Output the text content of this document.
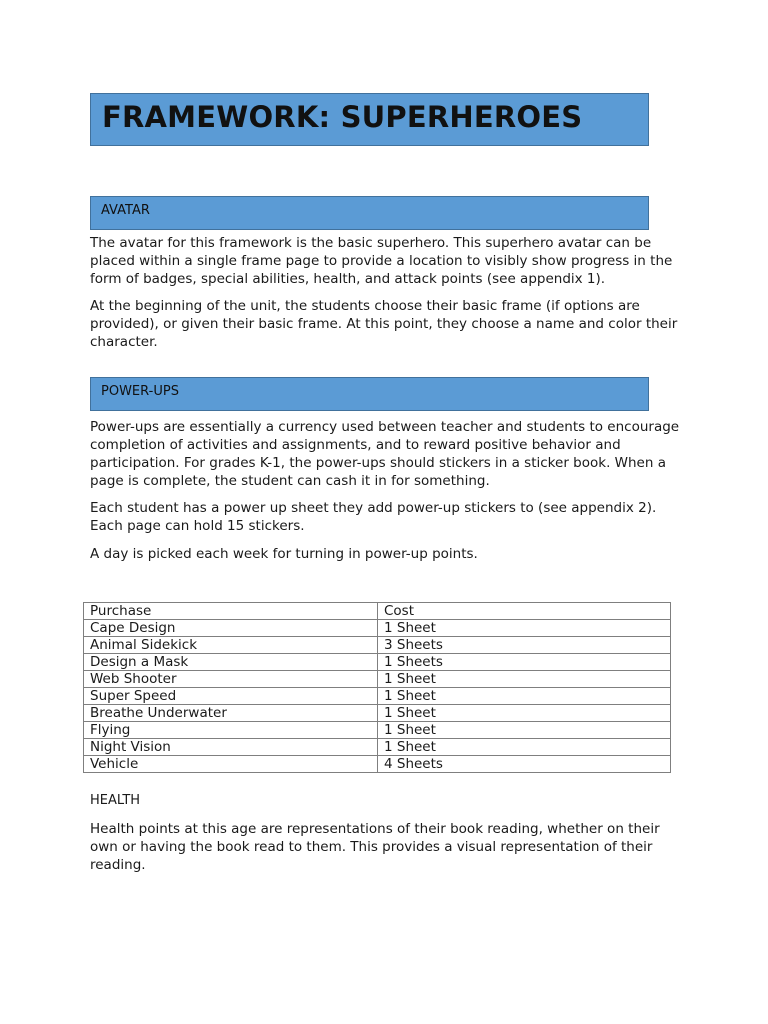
FRAMEWORK: SUPERHEROES
AVATAR

The avatar for this framework is the basic superhero. This superhero avatar can be placed within a single frame page to provide a location to visibly show progress in the form of badges, special abilities, health, and attack points (see appendix 1).

At the beginning of the unit, the students choose their basic frame (if options are provided), or given their basic frame. At this point, they choose a name and color their character.

POWER-UPS

Power-ups are essentially a currency used between teacher and students to encourage completion of activities and assignments, and to reward positive behavior and participation. For grades K-1, the power-ups should stickers in a sticker book. When a page is complete, the student can cash it in for something.

Each student has a power up sheet they add power-up stickers to (see appendix 2). Each page can hold 15 stickers.

A day is picked each week for turning in power-up points.

Purchase	Cost
Cape Design	1 Sheet
Animal Sidekick	3 Sheets
Design a Mask	1 Sheets
Web Shooter	1 Sheet
Super Speed	1 Sheet
Breathe Underwater	1 Sheet
Flying	1 Sheet
Night Vision	1 Sheet
Vehicle	4 Sheets
HEALTH

Health points at this age are representations of their book reading, whether on their own or having the book read to them. This provides a visual representation of their reading.
